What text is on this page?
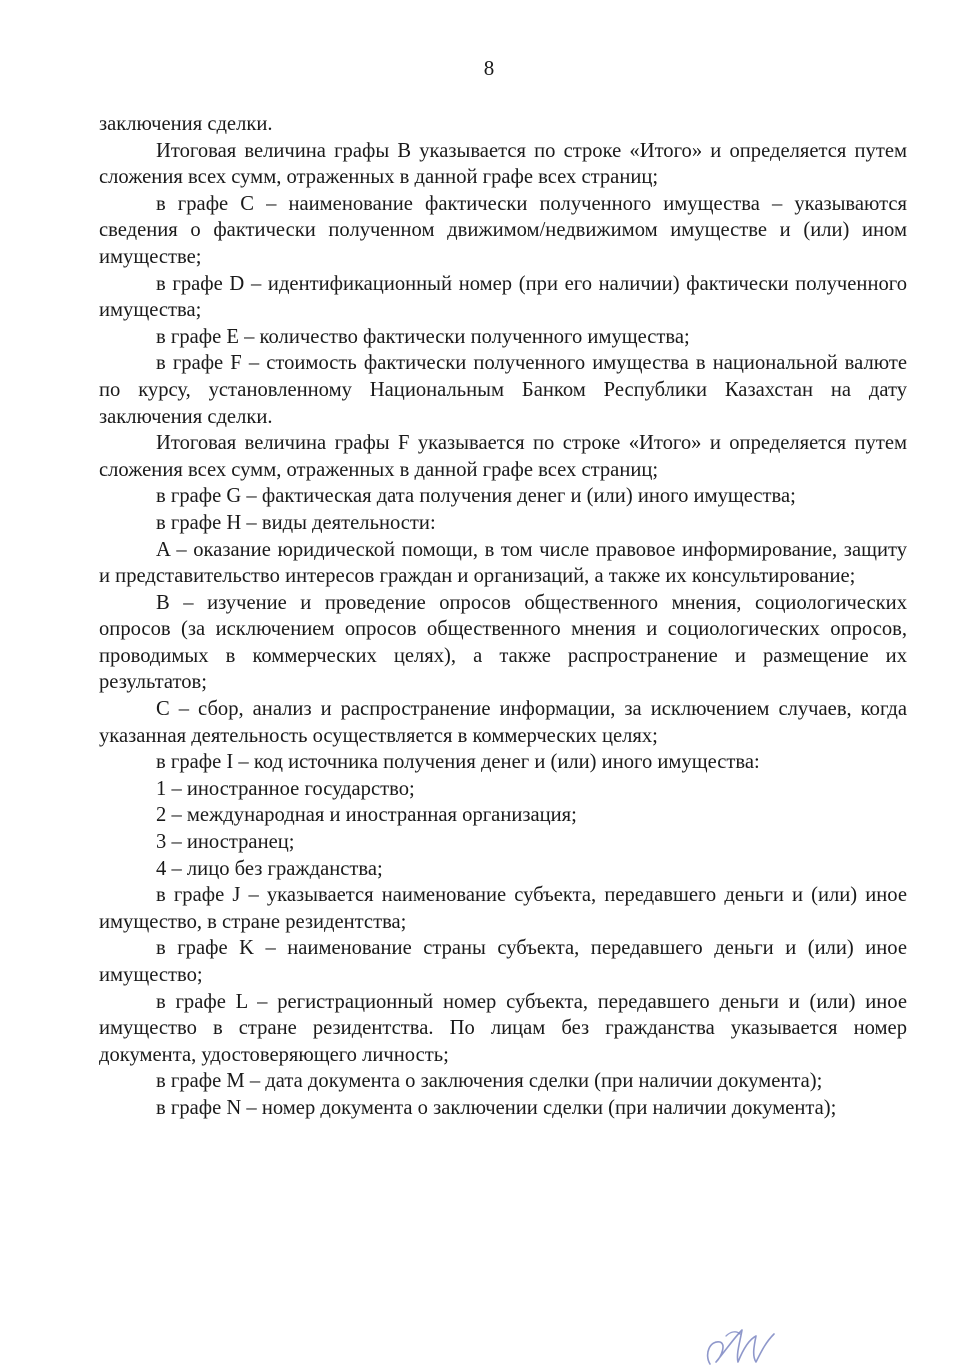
8

заключения сделки.

Итоговая величина графы B указывается по строке «Итого» и определяется путем сложения всех сумм, отраженных в данной графе всех страниц;

в графе C – наименование фактически полученного имущества – указываются сведения о фактически полученном движимом/недвижимом имуществе и (или) ином имуществе;

в графе D – идентификационный номер (при его наличии) фактически полученного имущества;

в графе E – количество фактически полученного имущества;

в графе F – стоимость фактически полученного имущества в национальной валюте по курсу, установленному Национальным Банком Республики Казахстан на дату заключения сделки.

Итоговая величина графы F указывается по строке «Итого» и определяется путем сложения всех сумм, отраженных в данной графе всех страниц;

в графе G – фактическая дата получения денег и (или) иного имущества;

в графе H – виды деятельности:

A – оказание юридической помощи, в том числе правовое информирование, защиту и представительство интересов граждан и организаций, а также их консультирование;

B – изучение и проведение опросов общественного мнения, социологических опросов (за исключением опросов общественного мнения и социологических опросов, проводимых в коммерческих целях), а также распространение и размещение их результатов;

C – сбор, анализ и распространение информации, за исключением случаев, когда указанная деятельность осуществляется в коммерческих целях;

в графе I – код источника получения денег и (или) иного имущества:

1 – иностранное государство;

2 – международная и иностранная организация;

3 – иностранец;

4 – лицо без гражданства;

в графе J – указывается наименование субъекта, передавшего деньги и (или) иное имущество, в стране резидентства;

в графе K – наименование страны субъекта, передавшего деньги и (или) иное имущество;

в графе L – регистрационный номер субъекта, передавшего деньги и (или) иное имущество в стране резидентства. По лицам без гражданства указывается номер документа, удостоверяющего личность;

в графе M – дата документа о заключения сделки (при наличии документа);

в графе N – номер документа о заключении сделки (при наличии документа);
